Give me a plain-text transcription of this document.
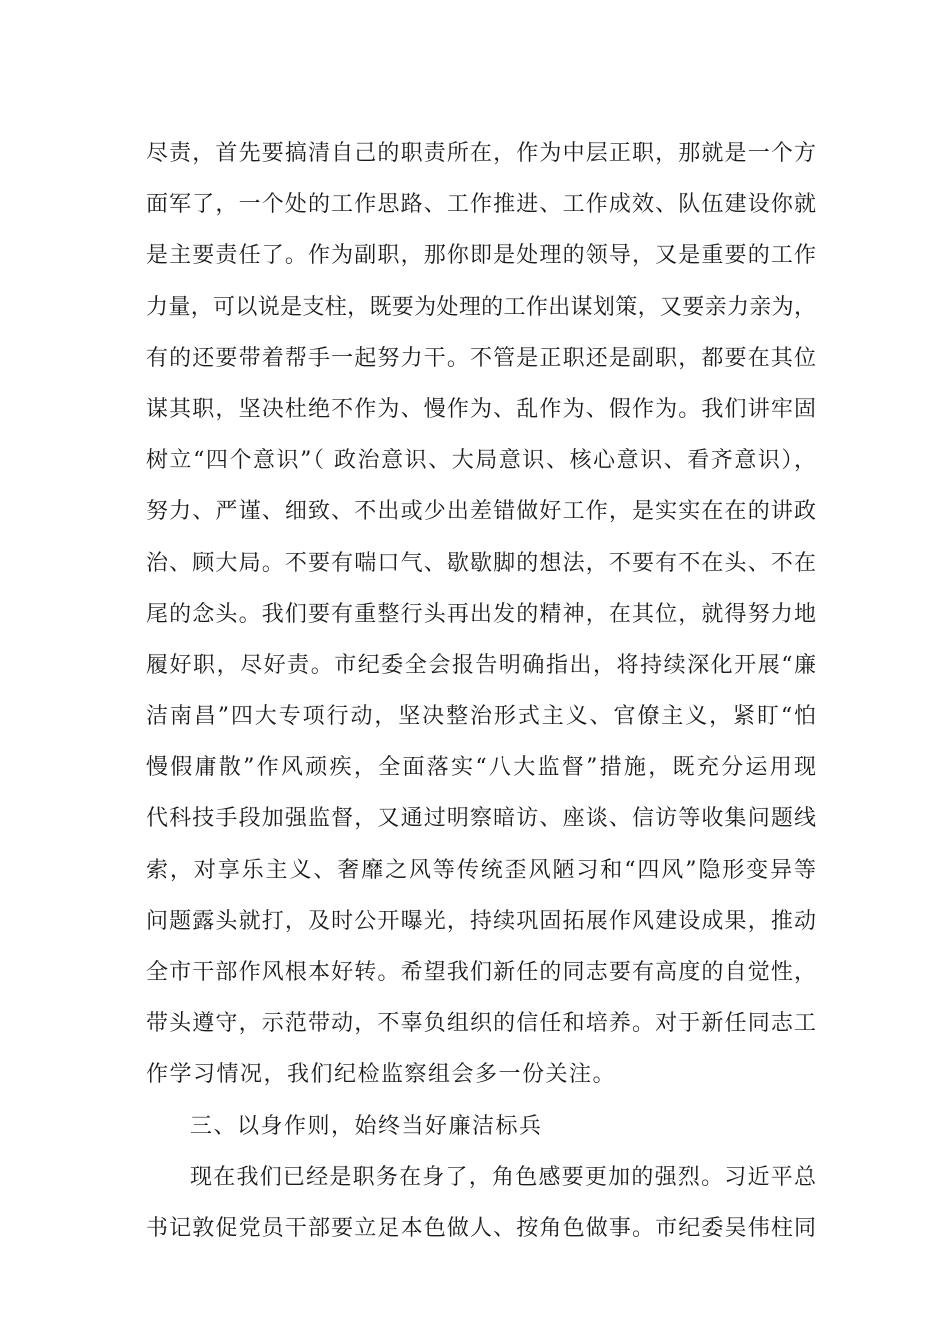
尽责，首先要搞清自己的职责所在，作为中层正职，那就是一个方
面军了，一个处的工作思路、工作推进、工作成效、队伍建设你就
是主要责任了。作为副职，那你即是处理的领导，又是重要的工作
力量，可以说是支柱，既要为处理的工作出谋划策，又要亲力亲为，
有的还要带着帮手一起努力干。不管是正职还是副职，都要在其位
谋其职，坚决杜绝不作为、慢作为、乱作为、假作为。我们讲牢固
树立“四个意识”（ 政治意识、大局意识、核心意识、看齐意识），
努力、严谨、细致、不出或少出差错做好工作，是实实在在的讲政
治、顾大局。不要有喘口气、歇歇脚的想法，不要有不在头、不在
尾的念头。我们要有重整行头再出发的精神，在其位，就得努力地
履好职，尽好责。市纪委全会报告明确指出，将持续深化开展“廉
洁南昌”四大专项行动，坚决整治形式主义、官僚主义，紧盯“怕
慢假庸散”作风顽疾，全面落实“八大监督”措施，既充分运用现
代科技手段加强监督，又通过明察暗访、座谈、信访等收集问题线
索，对享乐主义、奢靡之风等传统歪风陋习和“四风”隐形变异等
问题露头就打，及时公开曝光，持续巩固拓展作风建设成果，推动
全市干部作风根本好转。希望我们新任的同志要有高度的自觉性，
带头遵守，示范带动，不辜负组织的信任和培养。对于新任同志工
作学习情况，我们纪检监察组会多一份关注。
三、以身作则，始终当好廉洁标兵
现在我们已经是职务在身了，角色感要更加的强烈。习近平总
书记敦促党员干部要立足本色做人、按角色做事。市纪委吴伟柱同
